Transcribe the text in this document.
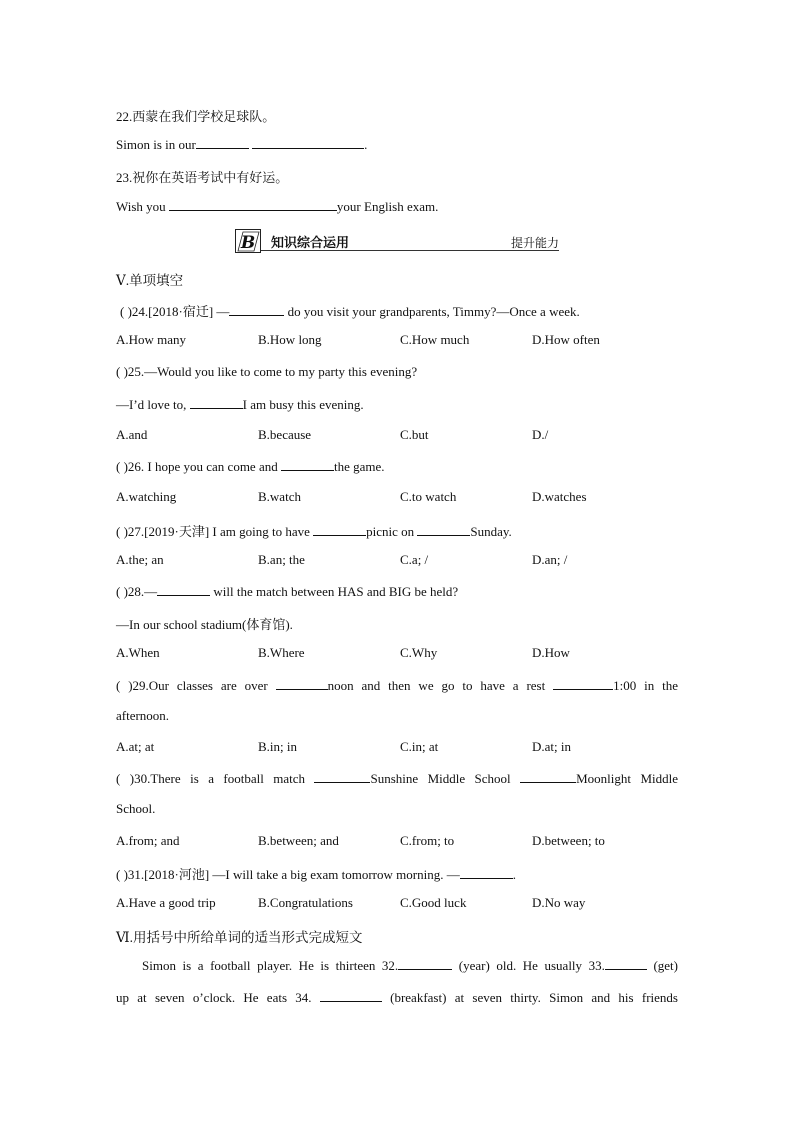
22.西蒙在我们学校足球队。
Simon is in our	.
23.祝你在英语考试中有好运。
Wish you	your English exam.
B 知识综合运用	提升能力
Ⅴ.单项填空
( )24.[2018·宿迁] —	do you visit your grandparents, Timmy?—Once a week.
A.How many	B.How long	C.How much	D.How often
( )25.—Would you like to come to my party this evening?
—I’d love to,	I am busy this evening.
A.and	B.because	C.but	D./
( )26. I hope you can come and	the game.
A.watching	B.watch	C.to watch	D.watches
( )27.[2019·天津] I am going to have	picnic on	Sunday.
A.the; an	B.an; the	C.a; /	D.an; /
( )28.—	will the match between HAS and BIG be held?
—In our school stadium(体育馆).
A.When	B.Where	C.Why	D.How
( )29.Our classes are over	noon and then we go to have a rest	1:00 in the
afternoon.
A.at; at	B.in; in	C.in; at	D.at; in
( )30.There is a football match	Sunshine Middle School	Moonlight Middle
School.
A.from; and	B.between; and	C.from; to	D.between; to
( )31.[2018·河池] —I will take a big exam tomorrow morning. —	.
A.Have a good trip	B.Congratulations	C.Good luck	D.No way
Ⅵ.用括号中所给单词的适当形式完成短文
Simon is a football player. He is thirteen 32.	(year) old. He usually 33.	(get)
up at seven o’clock. He eats 34.	(breakfast) at seven thirty. Simon and his friends
